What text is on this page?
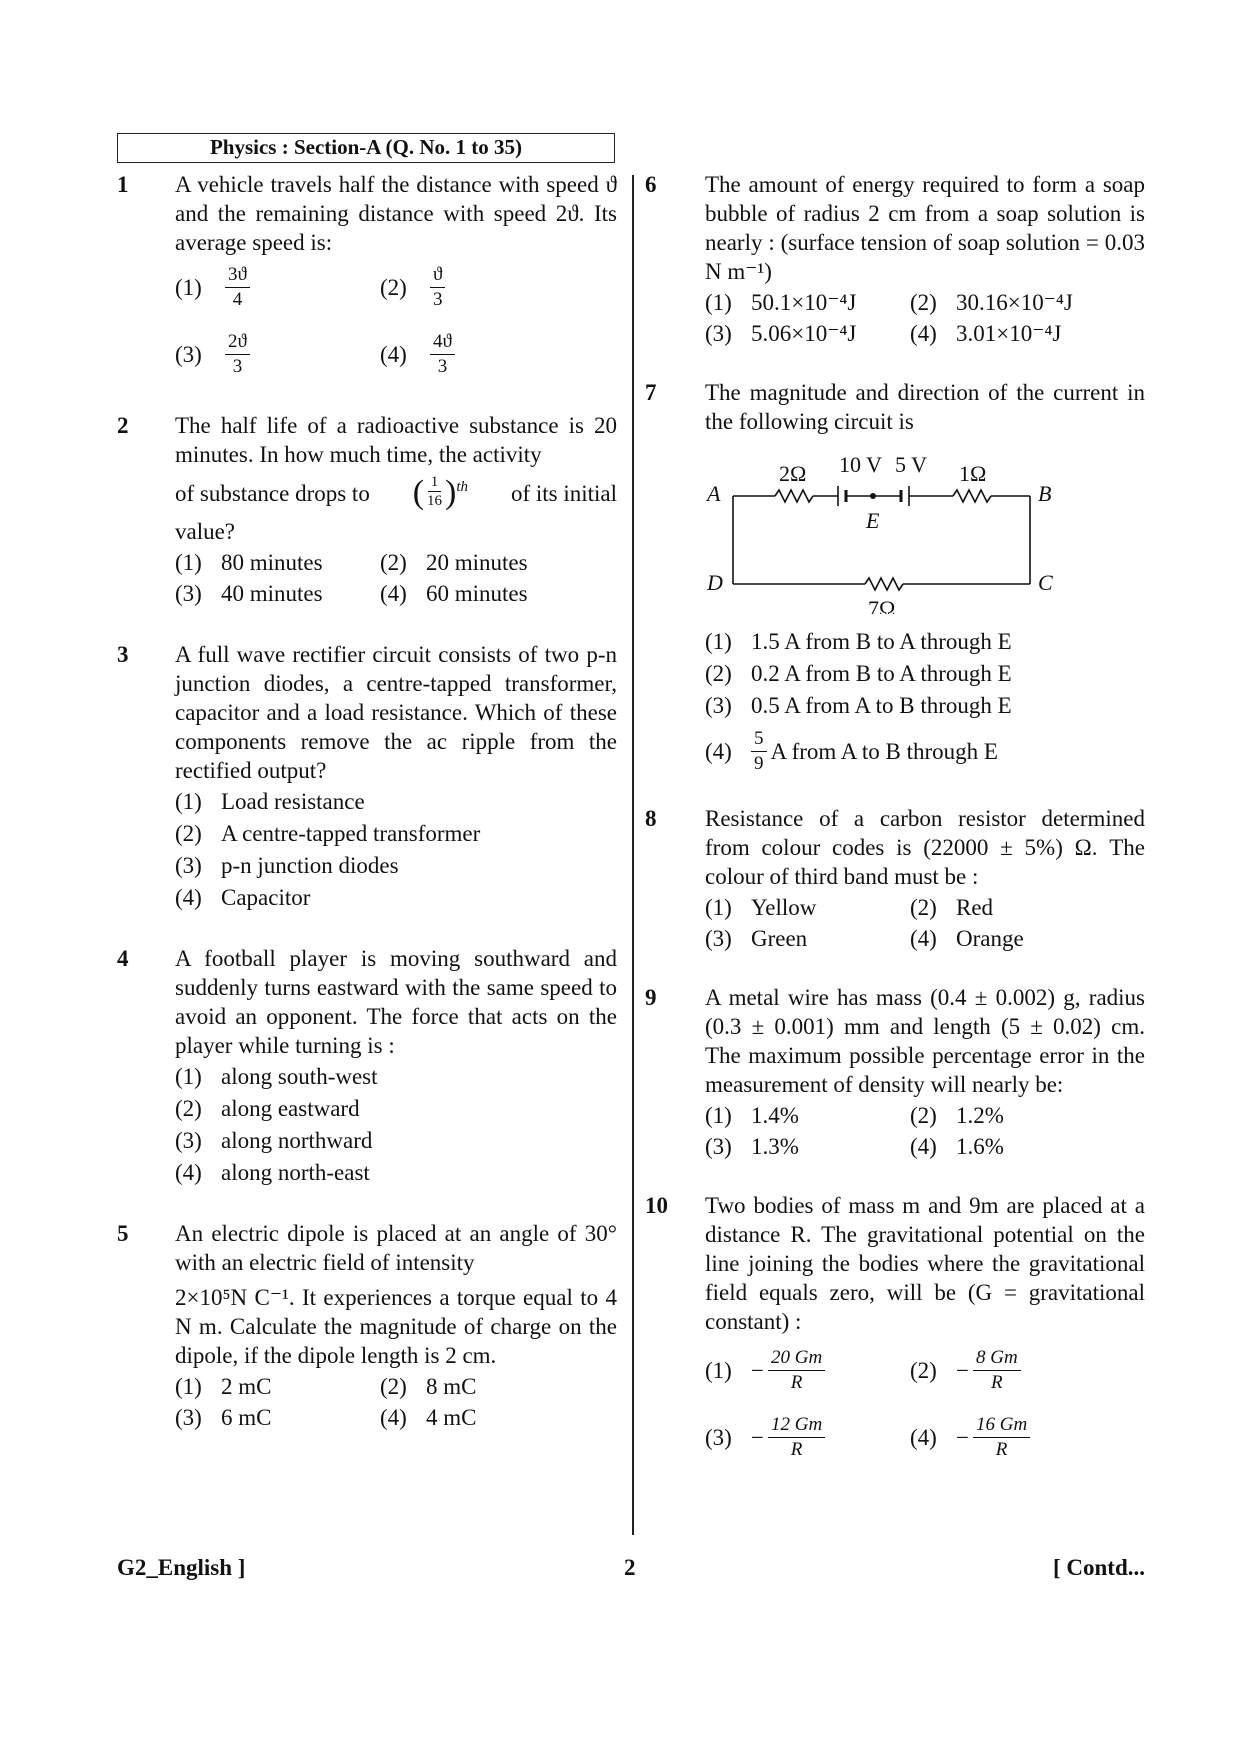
Physics : Section-A (Q. No. 1 to 35)
1 A vehicle travels half the distance with speed ϑ and the remaining distance with speed 2ϑ. Its average speed is:
(1)	$\frac{3ϑ}{4}$	(2)	$\frac{ϑ}{3}$
(3)	$\frac{2ϑ}{3}$	(4)	$\frac{4ϑ}{3}$
2 The half life of a radioactive substance is 20 minutes. In how much time, the activity
of substance drops to ( $\frac{1}{16}$ ) th of its initial
value?
(1) 80 minutes	(2) 20 minutes
(3) 40 minutes	(4) 60 minutes
3 A full wave rectifier circuit consists of two p-n junction diodes, a centre-tapped transformer, capacitor and a load resistance. Which of these components remove the ac ripple from the rectified output?
(1) Load resistance
(2) A centre-tapped transformer
(3) p-n junction diodes
(4) Capacitor
4 A football player is moving southward and suddenly turns eastward with the same speed to avoid an opponent. The force that acts on the player while turning is :
(1) along south-west
(2) along eastward
(3) along northward
(4) along north-east
5 An electric dipole is placed at an angle of 30° with an electric field of intensity
2×10⁵N C⁻¹. It experiences a torque equal to 4 N m. Calculate the magnitude of charge on the dipole, if the dipole length is 2 cm.
(1) 2 mC	(2) 8 mC
(3) 6 mC	(4) 4 mC
6 The amount of energy required to form a soap bubble of radius 2 cm from a soap solution is nearly : (surface tension of soap solution = 0.03 N m⁻¹)
(1) 50.1×10⁻⁴J	(2) 30.16×10⁻⁴J
(3) 5.06×10⁻⁴J	(4) 3.01×10⁻⁴J
7 The magnitude and direction of the current in the following circuit is
A	B
C
D
E
2Ω 10 V 5 V 1Ω
7Ω
(1) 1.5 A from B to A through E
(2) 0.2 A from B to A through E
(3) 0.5 A from A to B through E
(4)	$\frac{5}{9}$ A from A to B through E
8 Resistance of a carbon resistor determined from colour codes is (22000 ± 5%) Ω. The colour of third band must be :
(1) Yellow	(2) Red
(3) Green	(4) Orange
9 A metal wire has mass (0.4 ± 0.002) g, radius (0.3 ± 0.001) mm and length (5 ± 0.02) cm. The maximum possible percentage error in the measurement of density will nearly be:
(1) 1.4%	(2) 1.2%
(3) 1.3%	(4) 1.6%
10 Two bodies of mass m and 9m are placed at a distance R. The gravitational potential on the line joining the bodies where the gravitational field equals zero, will be (G = gravitational constant) :
$(1) - \frac{20 Gm}{R}$	$(2) - \frac{8 Gm}{R}$
$(3) - \frac{12 Gm}{R}$	$(4) - \frac{16 Gm}{R}$
G2_English ]	2	[ Contd...
